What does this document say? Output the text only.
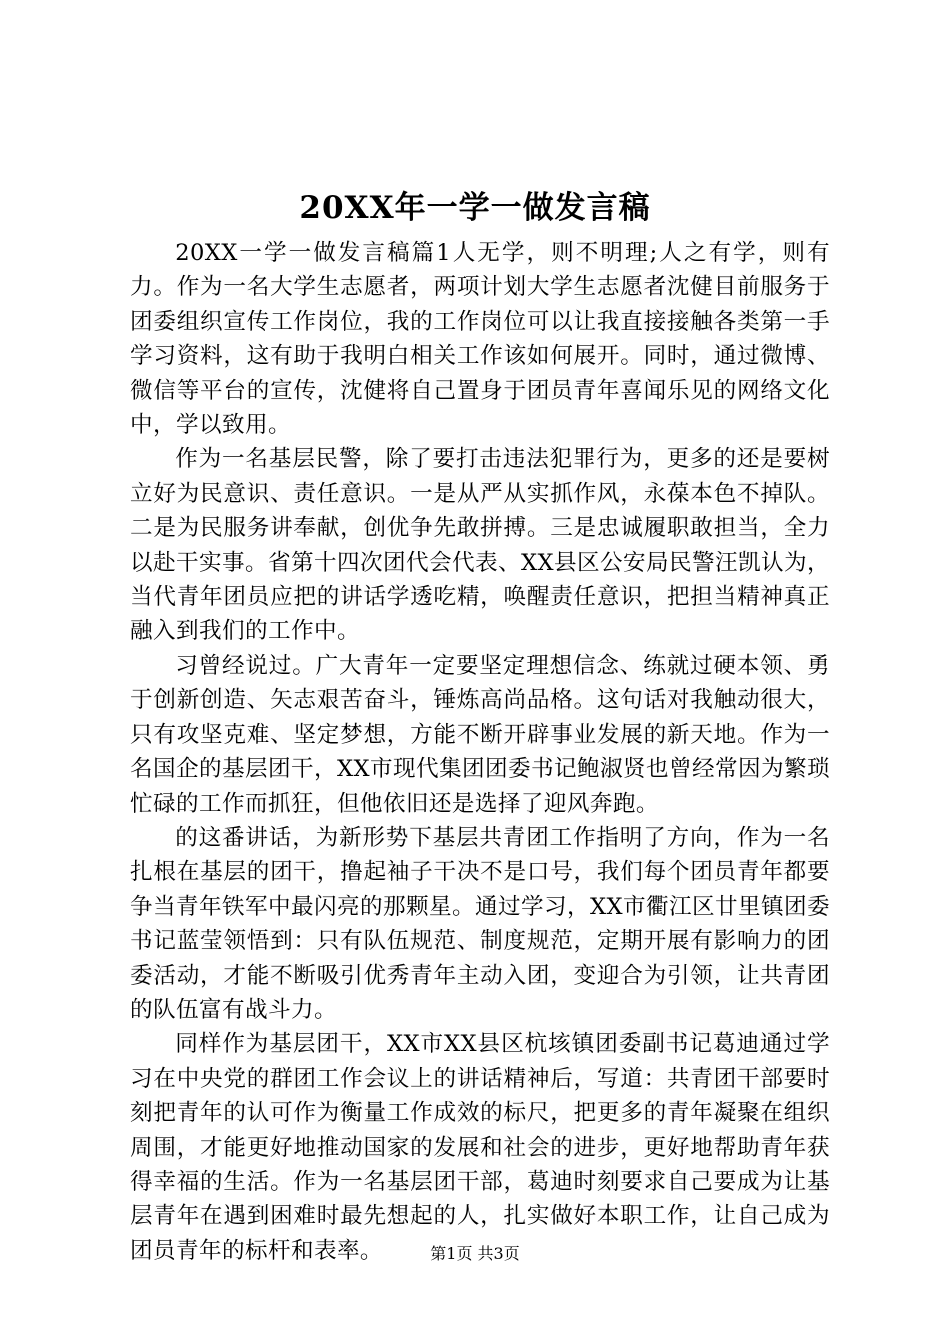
20XX年一学一做发言稿

20XX一学一做发言稿篇1人无学，则不明理;人之有学，则有力。作为一名大学生志愿者，两项计划大学生志愿者沈健目前服务于团委组织宣传工作岗位，我的工作岗位可以让我直接接触各类第一手学习资料，这有助于我明白相关工作该如何展开。同时，通过微博、微信等平台的宣传，沈健将自己置身于团员青年喜闻乐见的网络文化中，学以致用。

作为一名基层民警，除了要打击违法犯罪行为，更多的还是要树立好为民意识、责任意识。一是从严从实抓作风，永葆本色不掉队。二是为民服务讲奉献，创优争先敢拼搏。三是忠诚履职敢担当，全力以赴干实事。省第十四次团代会代表、XX县区公安局民警汪凯认为，当代青年团员应把的讲话学透吃精，唤醒责任意识，把担当精神真正融入到我们的工作中。

习曾经说过。广大青年一定要坚定理想信念、练就过硬本领、勇于创新创造、矢志艰苦奋斗，锤炼高尚品格。这句话对我触动很大，只有攻坚克难、坚定梦想，方能不断开辟事业发展的新天地。作为一名国企的基层团干，XX市现代集团团委书记鲍淑贤也曾经常因为繁琐忙碌的工作而抓狂，但他依旧还是选择了迎风奔跑。

的这番讲话，为新形势下基层共青团工作指明了方向，作为一名扎根在基层的团干，撸起袖子干决不是口号，我们每个团员青年都要争当青年铁军中最闪亮的那颗星。通过学习，XX市衢江区廿里镇团委书记蓝莹领悟到：只有队伍规范、制度规范，定期开展有影响力的团委活动，才能不断吸引优秀青年主动入团，变迎合为引领，让共青团的队伍富有战斗力。

同样作为基层团干，XX市XX县区杭垓镇团委副书记葛迪通过学习在中央党的群团工作会议上的讲话精神后，写道：共青团干部要时刻把青年的认可作为衡量工作成效的标尺，把更多的青年凝聚在组织周围，才能更好地推动国家的发展和社会的进步，更好地帮助青年获得幸福的生活。作为一名基层团干部，葛迪时刻要求自己要成为让基层青年在遇到困难时最先想起的人，扎实做好本职工作，让自己成为团员青年的标杆和表率。	第1页 共3页
